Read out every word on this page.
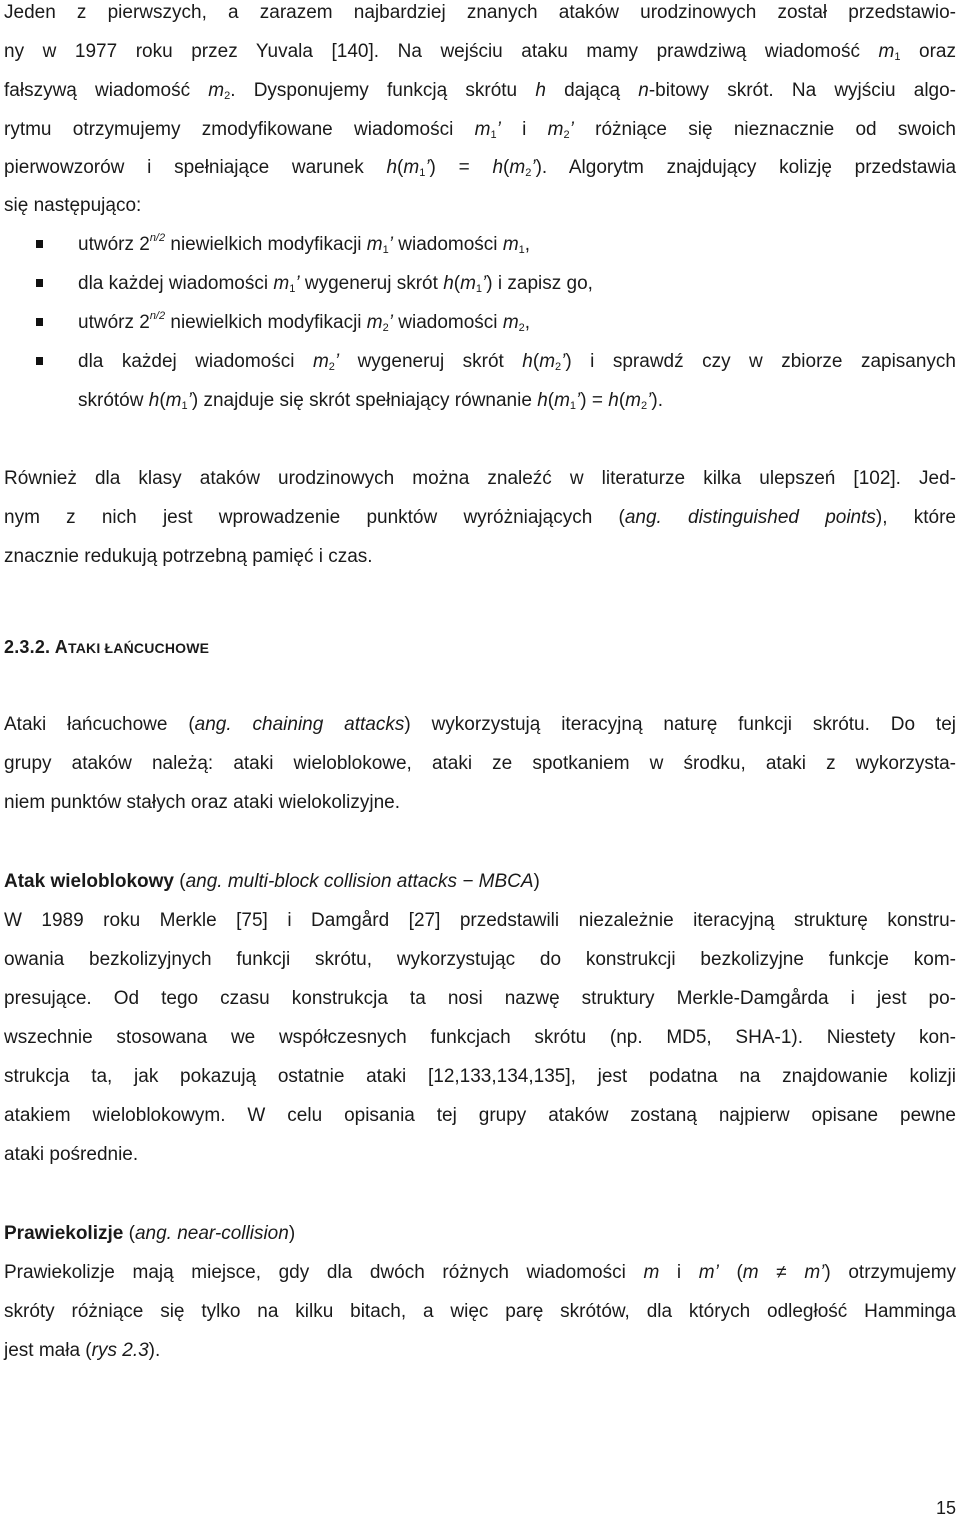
Jeden z pierwszych, a zarazem najbardziej znanych ataków urodzinowych został przedstawio-
ny w 1977 roku przez Yuvala [140]. Na wejściu ataku mamy prawdziwą wiadomość $m_1$ oraz
fałszywą wiadomość $m_2$. Dysponujemy funkcją skrótu h dającą n-bitowy skrót. Na wyjściu algo-
rytmu otrzymujemy zmodyfikowane wiadomości $m_1$’ i $m_2$’ różniące się nieznacznie od swoich
pierwowzorów i spełniające warunek $h(m_1’)$ = $h(m_2’)$. Algorytm znajdujący kolizję przedstawia
się następująco:
utwórz $2^{n/2}$ niewielkich modyfikacji $m_1$’ wiadomości $m_1$,
dla każdej wiadomości $m_1$’ wygeneruj skrót $h(m_1’)$ i zapisz go,
utwórz $2^{n/2}$ niewielkich modyfikacji $m_2$’ wiadomości $m_2$,
dla każdej wiadomości $m_2$’ wygeneruj skrót $h(m_2’)$ i sprawdź czy w zbiorze zapisanych
skrótów $h(m_1’)$ znajduje się skrót spełniający równanie $h(m_1’)$ = $h(m_2’)$.
Również dla klasy ataków urodzinowych można znaleźć w literaturze kilka ulepszeń [102]. Jed-
nym z nich jest wprowadzenie punktów wyróżniających (ang. distinguished points), które
znacznie redukują potrzebną pamięć i czas.
2.3.2. ATAKI ŁAŃCUCHOWE
Ataki łańcuchowe (ang. chaining attacks) wykorzystują iteracyjną naturę funkcji skrótu. Do tej
grupy ataków należą: ataki wieloblokowe, ataki ze spotkaniem w środku, ataki z wykorzysta-
niem punktów stałych oraz ataki wielokolizyjne.
Atak wieloblokowy (ang. multi-block collision attacks − MBCA)
W 1989 roku Merkle [75] i Damgård [27] przedstawili niezależnie iteracyjną strukturę konstru-
owania bezkolizyjnych funkcji skrótu, wykorzystując do konstrukcji bezkolizyjne funkcje kom-
presujące. Od tego czasu konstrukcja ta nosi nazwę struktury Merkle-Damgårda i jest po-
wszechnie stosowana we współczesnych funkcjach skrótu (np. MD5, SHA-1). Niestety kon-
strukcja ta, jak pokazują ostatnie ataki [12,133,134,135], jest podatna na znajdowanie kolizji
atakiem wieloblokowym. W celu opisania tej grupy ataków zostaną najpierw opisane pewne
ataki pośrednie.
Prawiekolizje (ang. near-collision)
Prawiekolizje mają miejsce, gdy dla dwóch różnych wiadomości m i m’ (m ≠ m’) otrzymujemy
skróty różniące się tylko na kilku bitach, a więc parę skrótów, dla których odległość Hamminga
jest mała (rys 2.3).
15
